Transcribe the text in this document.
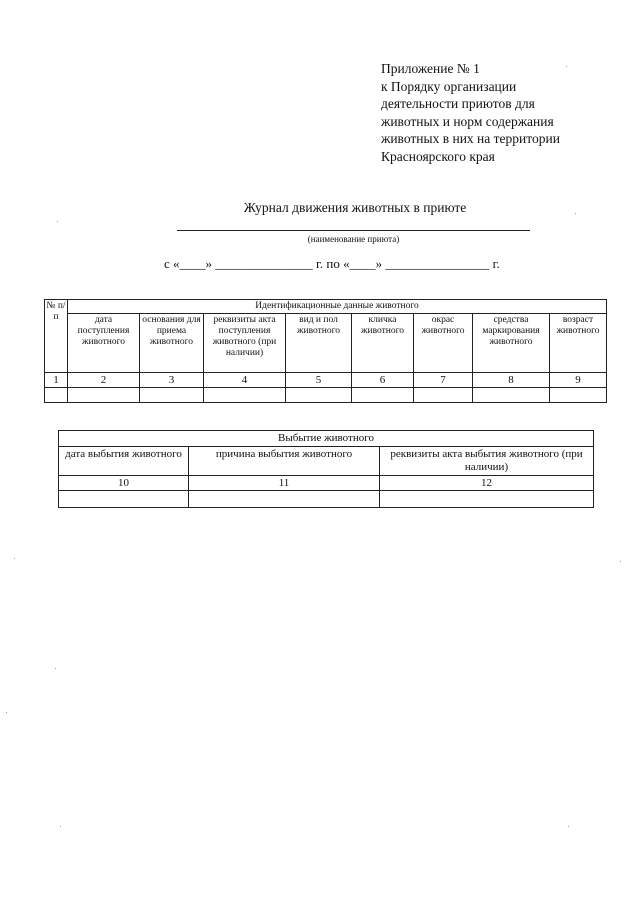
Приложение № 1
к Порядку организации
деятельности приютов для
животных и норм содержания
животных в них на территории
Красноярского края
Журнал движения животных в приюте
(наименование приюта)
с «____» _______________ г. по «____» ________________ г.
№ п/п	Идентификационные данные животного							
	дата поступления животного	основания для приема животного	реквизиты акта поступления животного (при наличии)	вид и пол животного	кличка животного	окрас животного	средства маркирования животного	возраст животного
1	2	3	4	5	6	7	8	9

Выбытие животного		
дата выбытия животного	причина выбытия животного	реквизиты акта выбытия животного (при наличии)
10	11	12
